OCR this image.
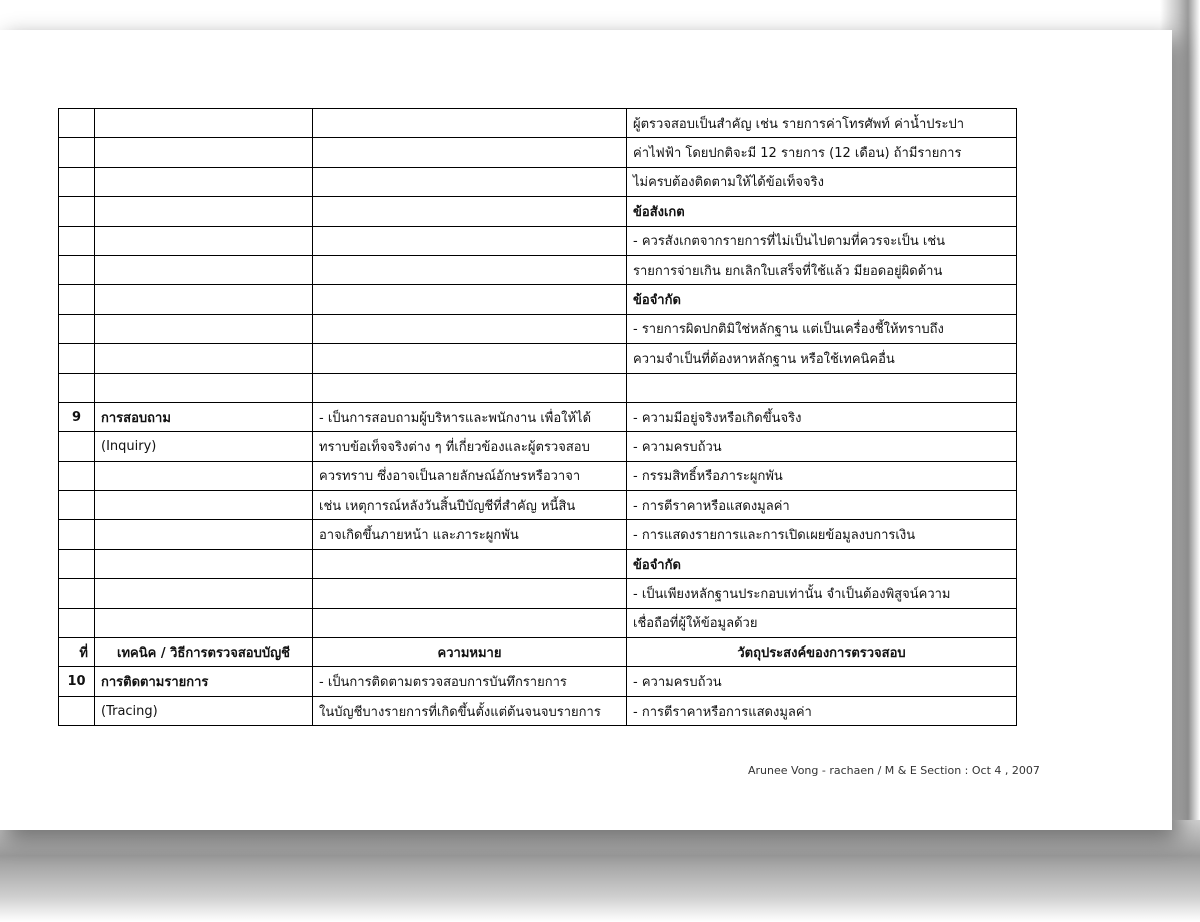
			ผู้ตรวจสอบเป็นสำคัญ เช่น รายการค่าโทรศัพท์ ค่าน้ำประปา
			ค่าไฟฟ้า โดยปกติจะมี 12 รายการ (12 เดือน) ถ้ามีรายการ
			ไม่ครบต้องติดตามให้ได้ข้อเท็จจริง
			ข้อสังเกต
			- ควรสังเกตจากรายการที่ไม่เป็นไปตามที่ควรจะเป็น เช่น
			รายการจ่ายเกิน ยกเลิกใบเสร็จที่ใช้แล้ว มียอดอยู่ผิดด้าน
			ข้อจำกัด
			- รายการผิดปกติมิใช่หลักฐาน แต่เป็นเครื่องชี้ให้ทราบถึง
			ความจำเป็นที่ต้องหาหลักฐาน หรือใช้เทคนิคอื่น

9	การสอบถาม	- เป็นการสอบถามผู้บริหารและพนักงาน เพื่อให้ได้	- ความมีอยู่จริงหรือเกิดขึ้นจริง
	(Inquiry)	ทราบข้อเท็จจริงต่าง ๆ ที่เกี่ยวข้องและผู้ตรวจสอบ	- ความครบถ้วน
		ควรทราบ ซึ่งอาจเป็นลายลักษณ์อักษรหรือวาจา	- กรรมสิทธิ์หรือภาระผูกพัน
		เช่น เหตุการณ์หลังวันสิ้นปีบัญชีที่สำคัญ หนี้สิน	- การตีราคาหรือแสดงมูลค่า
		อาจเกิดขึ้นภายหน้า และภาระผูกพัน	- การแสดงรายการและการเปิดเผยข้อมูลงบการเงิน
			ข้อจำกัด
			- เป็นเพียงหลักฐานประกอบเท่านั้น จำเป็นต้องพิสูจน์ความ
			เชื่อถือที่ผู้ให้ข้อมูลด้วย
ที่	เทคนิค / วิธีการตรวจสอบบัญชี	ความหมาย	วัตถุประสงค์ของการตรวจสอบ
10	การติดตามรายการ	- เป็นการติดตามตรวจสอบการบันทึกรายการ	- ความครบถ้วน
	(Tracing)	ในบัญชีบางรายการที่เกิดขึ้นตั้งแต่ต้นจนจบรายการ	- การตีราคาหรือการแสดงมูลค่า
Arunee Vong - rachaen / M & E Section : Oct 4 , 2007
